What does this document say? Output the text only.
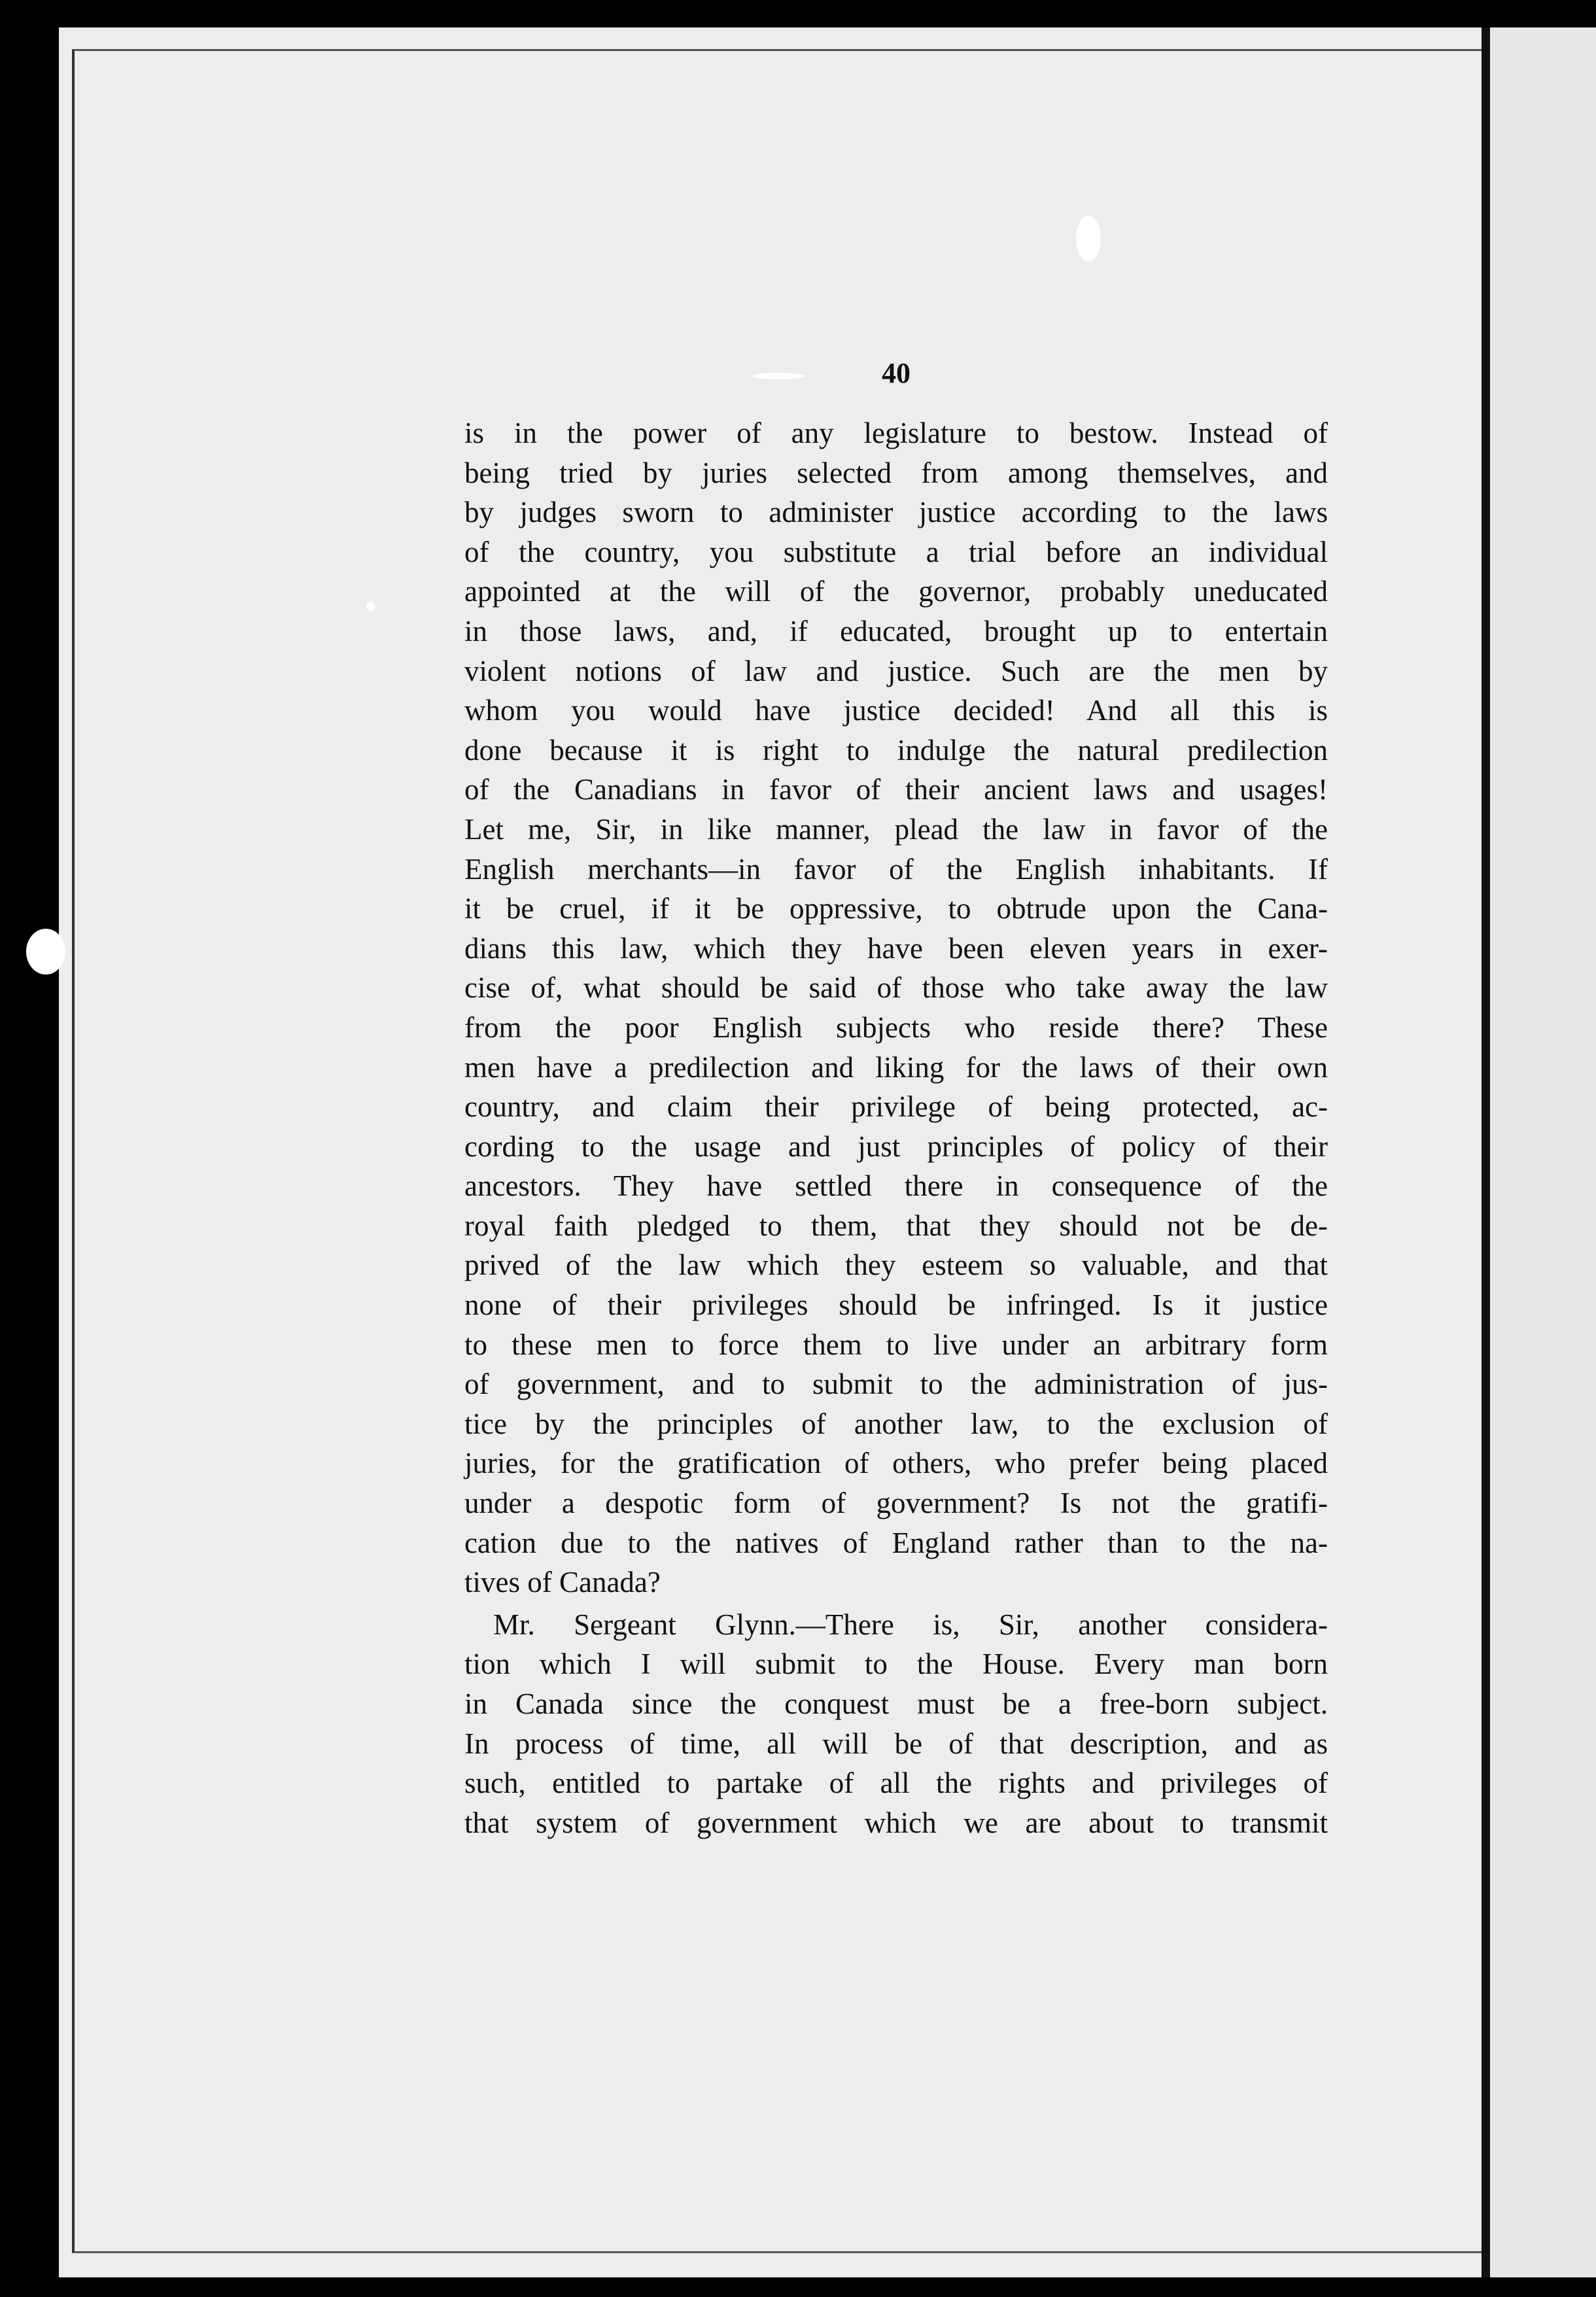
40
is in the power of any legislature to bestow. Instead of
being tried by juries selected from among themselves, and
by judges sworn to administer justice according to the laws
of the country, you substitute a trial before an individual
appointed at the will of the governor, probably uneducated
in those laws, and, if educated, brought up to entertain
violent notions of law and justice. Such are the men by
whom you would have justice decided! And all this is
done because it is right to indulge the natural predilection
of the Canadians in favor of their ancient laws and usages!
Let me, Sir, in like manner, plead the law in favor of the
English merchants—in favor of the English inhabitants. If
it be cruel, if it be oppressive, to obtrude upon the Cana-
dians this law, which they have been eleven years in exer-
cise of, what should be said of those who take away the law
from the poor English subjects who reside there? These
men have a predilection and liking for the laws of their own
country, and claim their privilege of being protected, ac-
cording to the usage and just principles of policy of their
ancestors. They have settled there in consequence of the
royal faith pledged to them, that they should not be de-
prived of the law which they esteem so valuable, and that
none of their privileges should be infringed. Is it justice
to these men to force them to live under an arbitrary form
of government, and to submit to the administration of jus-
tice by the principles of another law, to the exclusion of
juries, for the gratification of others, who prefer being placed
under a despotic form of government? Is not the gratifi-
cation due to the natives of England rather than to the na-
tives of Canada?
Mr. Sergeant Glynn.—There is, Sir, another considera-
tion which I will submit to the House. Every man born
in Canada since the conquest must be a free-born subject.
In process of time, all will be of that description, and as
such, entitled to partake of all the rights and privileges of
that system of government which we are about to transmit
